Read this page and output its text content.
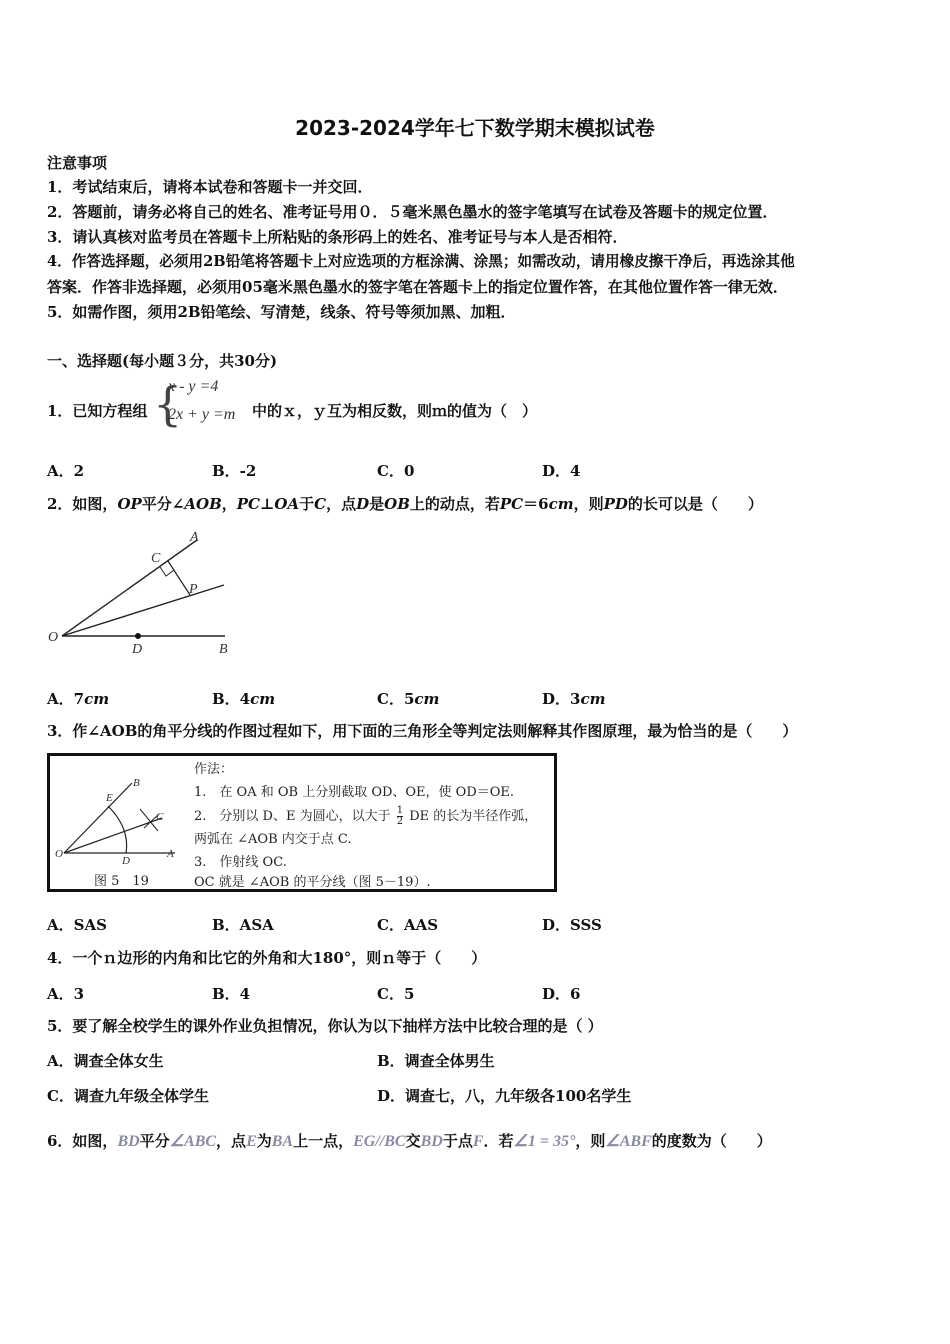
2023-2024学年七下数学期末模拟试卷
注意事项
1．考试结束后，请将本试卷和答题卡一并交回．
2．答题前，请务必将自己的姓名、准考证号用０．５毫米黑色墨水的签字笔填写在试卷及答题卡的规定位置．
3．请认真核对监考员在答题卡上所粘贴的条形码上的姓名、准考证号与本人是否相符．
4．作答选择题，必须用2B铅笔将答题卡上对应选项的方框涂满、涂黑；如需改动，请用橡皮擦干净后，再选涂其他
答案．作答非选择题，必须用05毫米黑色墨水的签字笔在答题卡上的指定位置作答，在其他位置作答一律无效．
5．如需作图，须用2B铅笔绘、写清楚，线条、符号等须加黑、加粗．
一、选择题(每小题３分，共30分)
1．已知方程组 {
x - y =4
2x + y =m 中的ｘ，ｙ互为相反数，则ｍ的值为（　）
A．2	B．-2	C．0	D．4
2．如图，OP平分∠AOB，PC⊥OA于C，点D是OB上的动点，若PC＝6cm，则PD的长可以是（　　）
A
C
P
O
D	B
A．7cm	B．4cm	C．5cm	D．3cm
3．作∠AOB的角平分线的作图过程如下，用下面的三角形全等判定法则解释其作图原理，最为恰当的是（　　）
B
E
C
O
D
A
图 5　19
作法：
1.　在 OA 和 OB 上分别截取 OD、OE，使 OD＝OE.
2.　分别以 D、E 为圆心，以大于 $\frac{1}{2}$ DE 的长为半径作弧，
两弧在 ∠AOB 内交于点 C.
3.　作射线 OC.
OC 就是 ∠AOB 的平分线（图 5－19）.
A．SAS	B．ASA	C．AAS	D．SSS
4．一个ｎ边形的内角和比它的外角和大180°，则ｎ等于（　　）
A．3	B．4	C．5	D．6
5．要了解全校学生的课外作业负担情况，你认为以下抽样方法中比较合理的是（ ）
A．调查全体女生	B．调查全体男生
C．调查九年级全体学生	D．调查七，八，九年级各100名学生
6．如图，BD平分∠ABC，点E为BA上一点，EG//BC交BD于点F．若∠1 = 35°，则∠ABF的度数为（　　）
